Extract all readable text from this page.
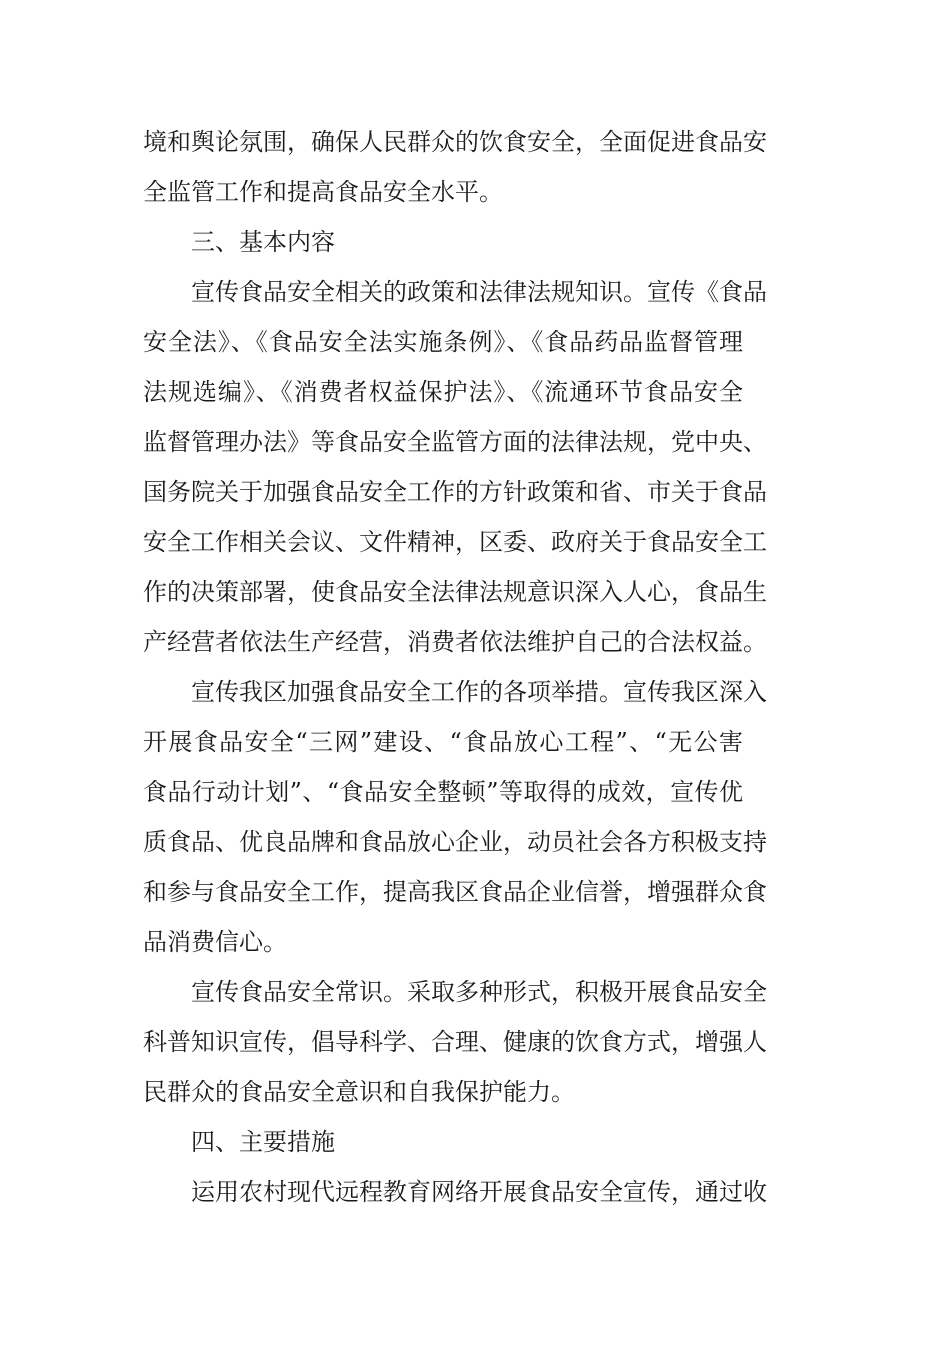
境和舆论氛围，确保人民群众的饮食安全，全面促进食品安
全监管工作和提高食品安全水平。
三、基本内容
宣传食品安全相关的政策和法律法规知识。宣传《食品
安全法》、《食品安全法实施条例》、《食品药品监督管理
法规选编》、《消费者权益保护法》、《流通环节食品安全
监督管理办法》等食品安全监管方面的法律法规，党中央、
国务院关于加强食品安全工作的方针政策和省、市关于食品
安全工作相关会议、文件精神，区委、政府关于食品安全工
作的决策部署，使食品安全法律法规意识深入人心，食品生
产经营者依法生产经营，消费者依法维护自己的合法权益。
宣传我区加强食品安全工作的各项举措。宣传我区深入
开展食品安全“三网”建设、“食品放心工程”、“无公害
食品行动计划”、“食品安全整顿”等取得的成效，宣传优
质食品、优良品牌和食品放心企业，动员社会各方积极支持
和参与食品安全工作，提高我区食品企业信誉，增强群众食
品消费信心。
宣传食品安全常识。采取多种形式，积极开展食品安全
科普知识宣传，倡导科学、合理、健康的饮食方式，增强人
民群众的食品安全意识和自我保护能力。
四、主要措施
运用农村现代远程教育网络开展食品安全宣传，通过收
